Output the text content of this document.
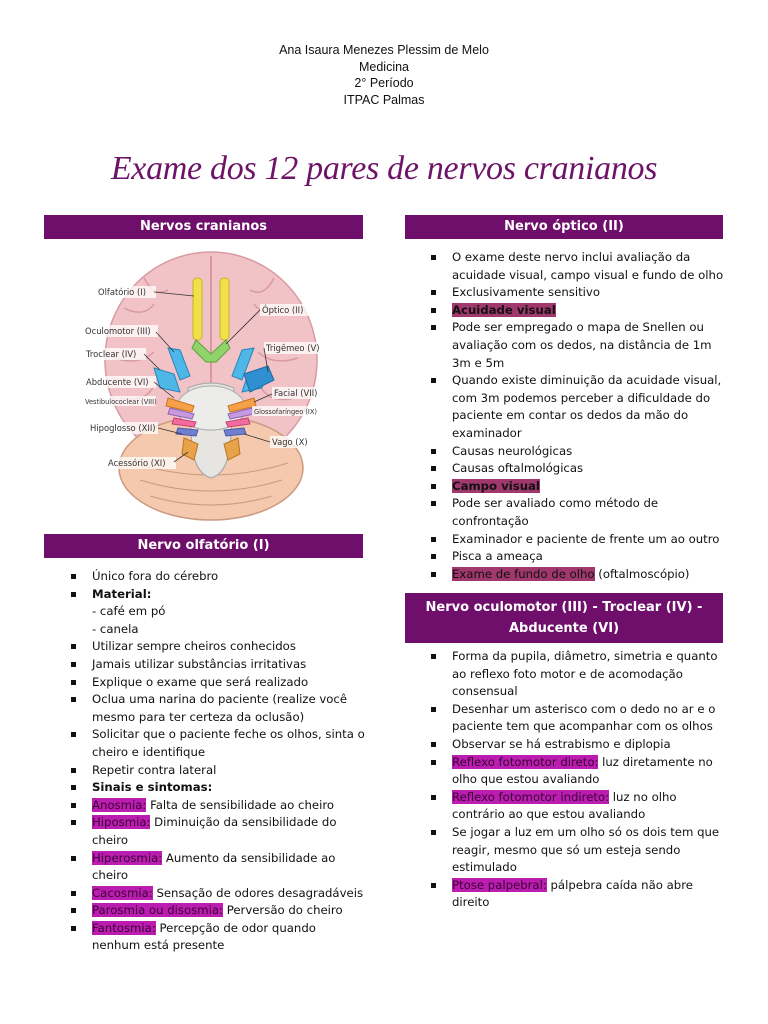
Ana Isaura Menezes Plessim de Melo
Medicina
2° Período
ITPAC Palmas
Exame dos 12 pares de nervos cranianos
Nervos cranianos
Olfatório (I)
Óptico (II)
Oculomotor (III)
Troclear (IV)
Trigêmeo (V)
Abducente (VI)
Facial (VII)
Vestibulococlear (VIII)
Glossofaríngeo (IX)
Hipoglosso (XII)
Vago (X)
Acessório (XI)
Nervo olfatório (I)
Único fora do cérebro
Material:
- café em pó
- canela
Utilizar sempre cheiros conhecidos
Jamais utilizar substâncias irritativas
Explique o exame que será realizado
Oclua uma narina do paciente (realize você mesmo para ter certeza da oclusão)
Solicitar que o paciente feche os olhos, sinta o cheiro e identifique
Repetir contra lateral
Sinais e sintomas:
Anosmia: Falta de sensibilidade ao cheiro
Hiposmia: Diminuição da sensibilidade do cheiro
Hiperosmia: Aumento da sensibilidade ao cheiro
Cacosmia: Sensação de odores desagradáveis
Parosmia ou disosmia: Perversão do cheiro
Fantosmia: Percepção de odor quando nenhum está presente
Nervo óptico (II)
O exame deste nervo inclui avaliação da acuidade visual, campo visual e fundo de olho
Exclusivamente sensitivo
Acuidade visual
Pode ser empregado o mapa de Snellen ou avaliação com os dedos, na distância de 1m 3m e 5m
Quando existe diminuição da acuidade visual, com 3m podemos perceber a dificuldade do paciente em contar os dedos da mão do examinador
Causas neurológicas
Causas oftalmológicas
Campo visual
Pode ser avaliado como método de confrontação
Examinador e paciente de frente um ao outro
Pisca a ameaça
Exame de fundo de olho (oftalmoscópio)
Nervo oculomotor (III) - Troclear (IV) - Abducente (VI)
Forma da pupila, diâmetro, simetria e quanto ao reflexo foto motor e de acomodação consensual
Desenhar um asterisco com o dedo no ar e o paciente tem que acompanhar com os olhos
Observar se há estrabismo e diplopia
Reflexo fotomotor direto: luz diretamente no olho que estou avaliando
Reflexo fotomotor indireto: luz no olho contrário ao que estou avaliando
Se jogar a luz em um olho só os dois tem que reagir, mesmo que só um esteja sendo estimulado
Ptose palpebral: pálpebra caída não abre direito
